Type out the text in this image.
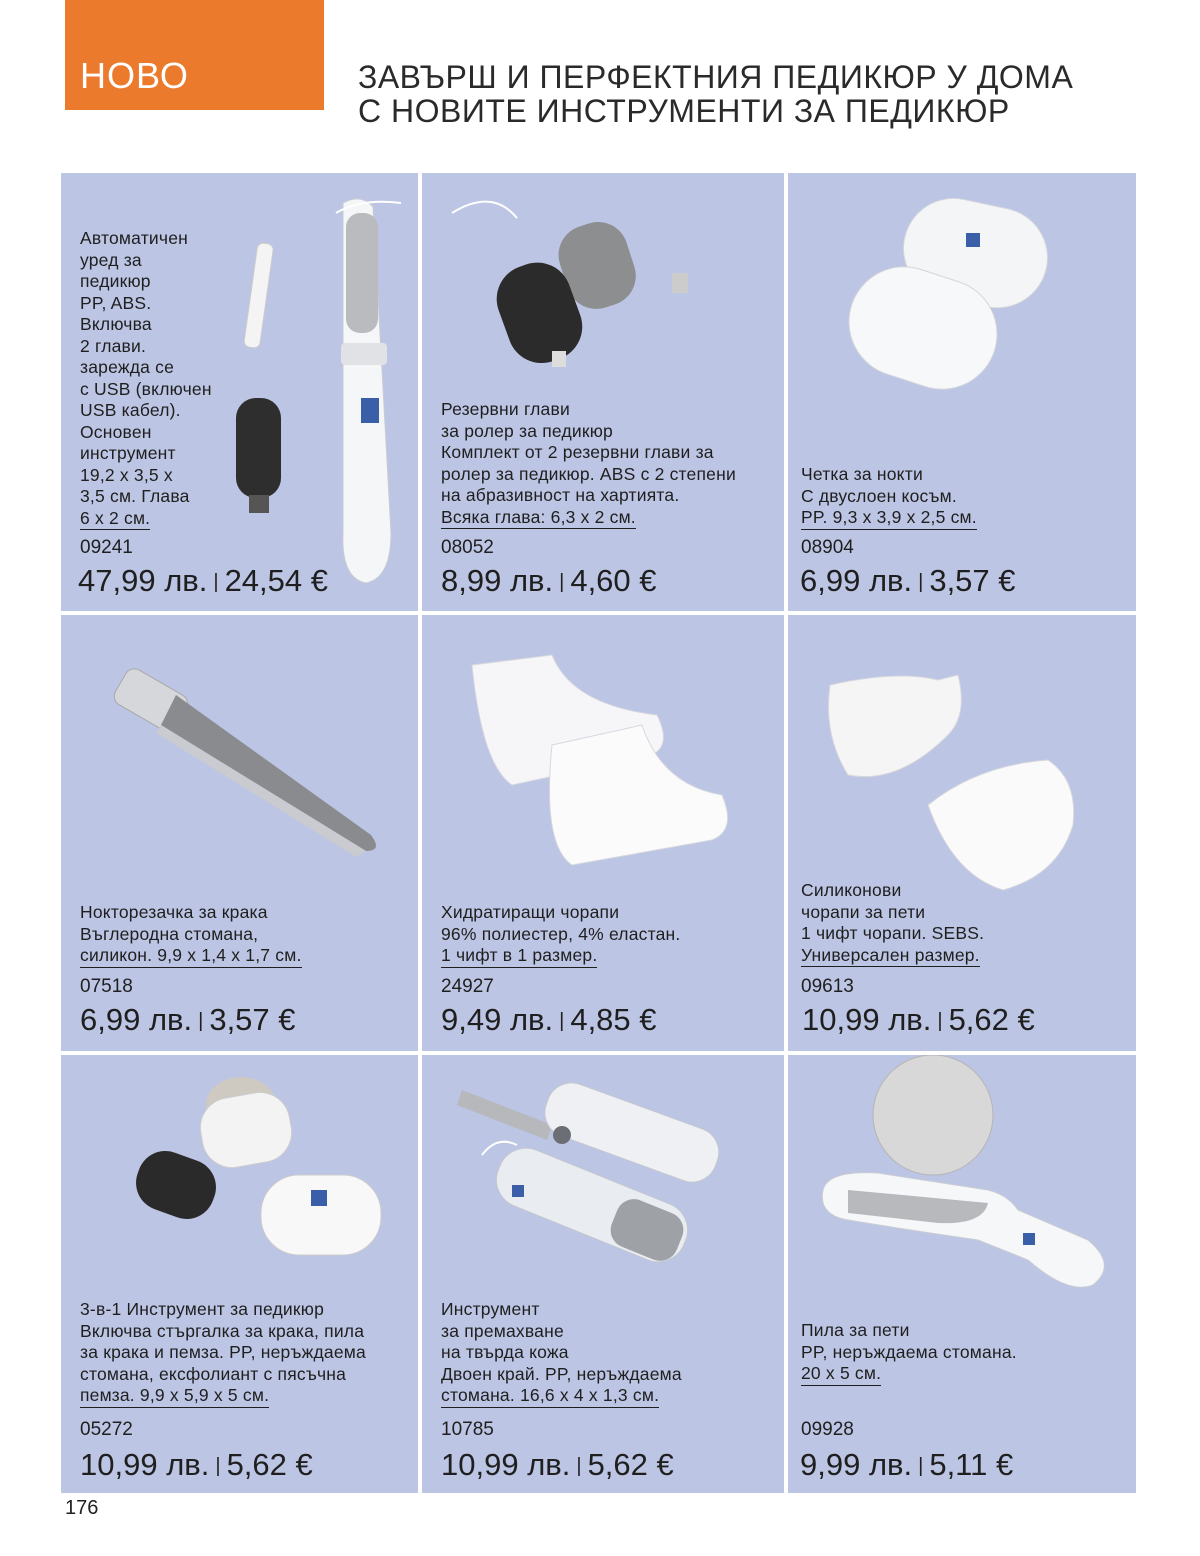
НОВО	ЗАВЪРШ И ПЕРФЕКТНИЯ ПЕДИКЮР У ДОМА
С НОВИТЕ ИНСТРУМЕНТИ ЗА ПЕДИКЮР
Автоматичен
уред за
педикюр
PP, ABS.
Включва
2 глави.
зарежда се
с USB (включен
USB кабел).
Основен
инструмент
19,2 x 3,5 x
3,5 см. Глава
6 x 2 см.
09241
47,99 лв. | 24,54 €
Резервни глави
за ролер за педикюр
Комплект от 2 резервни глави за
ролер за педикюр. ABS с 2 степени
на абразивност на хартията.
Всяка глава: 6,3 x 2 см.
08052
8,99 лв. | 4,60 €
Четка за нокти
С двуслоен косъм.
PP. 9,3 x 3,9 x 2,5 см.
08904
6,99 лв. | 3,57 €
Нокторезачка за крака
Въглеродна стомана,
силикон. 9,9 x 1,4 x 1,7 см.
07518
6,99 лв. | 3,57 €
Хидратиращи чорапи
96% полиестер, 4% еластан.
1 чифт в 1 размер.
24927
9,49 лв. | 4,85 €
Силиконови
чорапи за пети
1 чифт чорапи. SEBS.
Универсален размер.
09613
10,99 лв. | 5,62 €
3-в-1 Инструмент за педикюр
Включва стъргалка за крака, пила
за крака и пемза. PP, неръждаема
стомана, ексфолиант с пясъчна
пемза. 9,9 x 5,9 x 5 см.
05272
10,99 лв. | 5,62 €
Инструмент
за премахване
на твърда кожа
Двоен край. PP, неръждаема
стомана. 16,6 x 4 x 1,3 см.
10785
10,99 лв. | 5,62 €
Пила за пети
PP, неръждаема стомана.
20 x 5 см.
09928
9,99 лв. | 5,11 €
176
